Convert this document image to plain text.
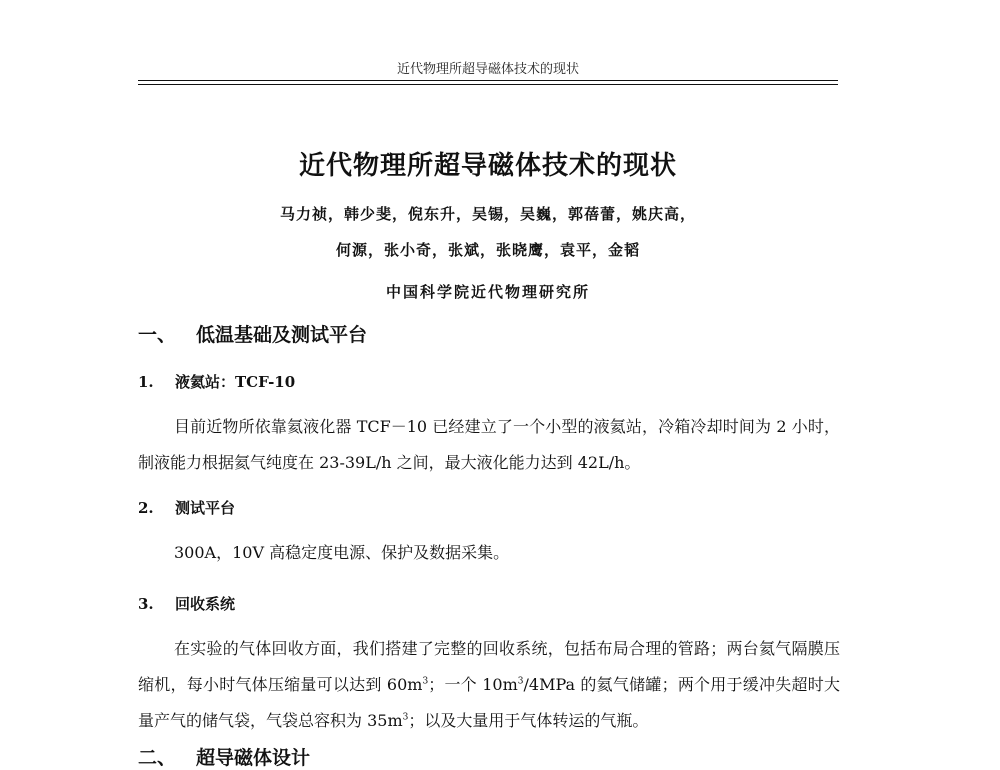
近代物理所超导磁体技术的现状
近代物理所超导磁体技术的现状
马力祯，韩少斐，倪东升，吴锡，吴巍，郭蓓蕾，姚庆高，
何源，张小奇，张斌，张晓鹰，袁平，金韬
中国科学院近代物理研究所
一、 低温基础及测试平台
1. 液氦站：TCF-10
目前近物所依靠氦液化器 TCF－10 已经建立了一个小型的液氦站，冷箱冷却时间为 2 小时，制液能力根据氦气纯度在 23-39L/h 之间，最大液化能力达到 42L/h。
2. 测试平台
300A，10V 高稳定度电源、保护及数据采集。
3. 回收系统
在实验的气体回收方面，我们搭建了完整的回收系统，包括布局合理的管路；两台氦气隔膜压缩机，每小时气体压缩量可以达到 $60m^3$；一个 $10m^3/4MPa$ 的氦气储罐；两个用于缓冲失超时大量产气的储气袋，气袋总容积为 $35m^3$；以及大量用于气体转运的气瓶。
二、 超导磁体设计
